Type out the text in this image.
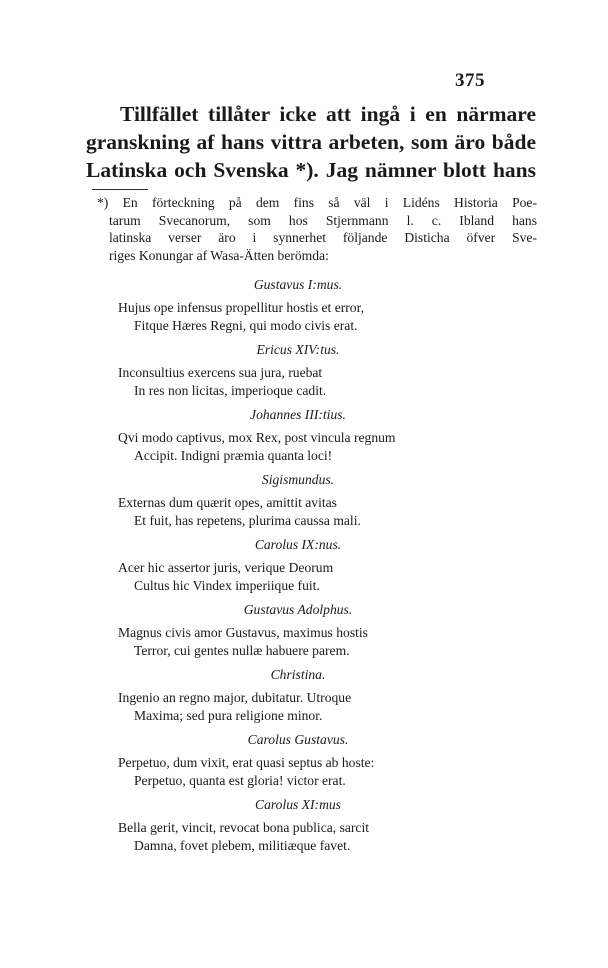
375
Tillfället tillåter icke att ingå i en närmare
granskning af hans vittra arbeten, som äro både
Latinska och Svenska *). Jag nämner blott hans
*) En förteckning på dem fins så väl i Lidéns Historia Poe-
tarum Svecanorum, som hos Stjernmann l. c. Ibland hans
latinska verser äro i synnerhet följande Disticha öfver Sve-
riges Konungar af Wasa-Ätten berömda:
Gustavus I:mus.
Hujus ope infensus propellitur hostis et error,
Fitque Hæres Regni, qui modo civis erat.
Ericus XIV:tus.
Inconsultius exercens sua jura, ruebat
In res non licitas, imperioque cadit.
Johannes III:tius.
Qvi modo captivus, mox Rex, post vincula regnum
Accipit. Indigni præmia quanta loci!
Sigismundus.
Externas dum quærit opes, amittit avitas
Et fuit, has repetens, plurima caussa mali.
Carolus IX:nus.
Acer hic assertor juris, verique Deorum
Cultus hic Vindex imperiique fuit.
Gustavus Adolphus.
Magnus civis amor Gustavus, maximus hostis
Terror, cui gentes nullæ habuere parem.
Christina.
Ingenio an regno major, dubitatur. Utroque
Maxima; sed pura religione minor.
Carolus Gustavus.
Perpetuo, dum vixit, erat quasi septus ab hoste:
Perpetuo, quanta est gloria! victor erat.
Carolus XI:mus
Bella gerit, vincit, revocat bona publica, sarcit
Damna, fovet plebem, militiæque favet.
